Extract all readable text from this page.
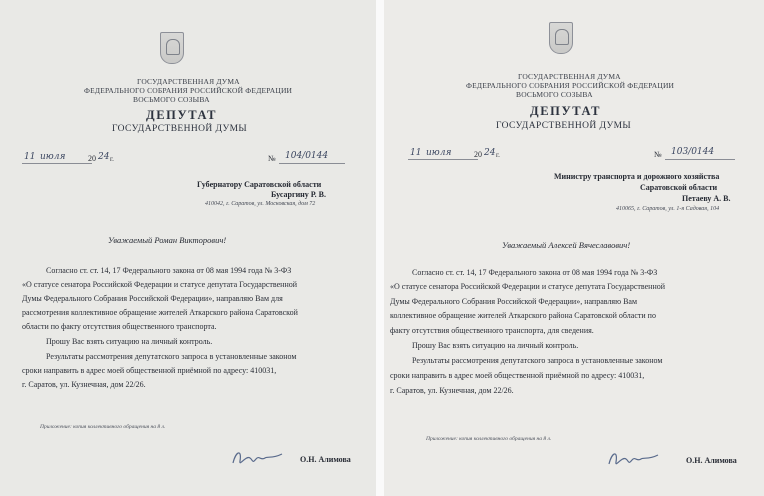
ГОСУДАРСТВЕННАЯ ДУМА
ФЕДЕРАЛЬНОГО СОБРАНИЯ РОССИЙСКОЙ ФЕДЕРАЦИИ
ВОСЬМОГО СОЗЫВА
ДЕПУТАТ
ГОСУДАРСТВЕННОЙ ДУМЫ
11 июля	20 24 г.	№ 104/0144
Губернатору Саратовской области
Бусаргину Р. В.
410042, г. Саратов, ул. Московская, дом 72
Уважаемый Роман Викторович!
Согласно ст. ст. 14, 17 Федерального закона от 08 мая 1994 года № 3-ФЗ
«О статусе сенатора Российской Федерации и статусе депутата Государственной
Думы Федерального Собрания Российской Федерации», направляю Вам для
рассмотрения коллективное обращение жителей Аткарского района Саратовской
области по факту отсутствия общественного транспорта.
Прошу Вас взять ситуацию на личный контроль.
Результаты рассмотрения депутатского запроса в установленные законом
сроки направить в адрес моей общественной приёмной по адресу: 410031,
г. Саратов, ул. Кузнечная, дом 22/26.
Приложение: копия коллективного обращения на 8 л.
О.Н. Алимова
ГОСУДАРСТВЕННАЯ ДУМА
ФЕДЕРАЛЬНОГО СОБРАНИЯ РОССИЙСКОЙ ФЕДЕРАЦИИ
ВОСЬМОГО СОЗЫВА
ДЕПУТАТ
ГОСУДАРСТВЕННОЙ ДУМЫ
11 июля	20 24 г.	№ 103/0144
Министру транспорта и дорожного хозяйства
Саратовской области
Петаеву А. В.
410065, г. Саратов, ул. 1-я Садовая, 104
Уважаемый Алексей Вячеславович!
Согласно ст. ст. 14, 17 Федерального закона от 08 мая 1994 года № 3-ФЗ
«О статусе сенатора Российской Федерации и статусе депутата Государственной
Думы Федерального Собрания Российской Федерации», направляю Вам
коллективное обращение жителей Аткарского района Саратовской области по
факту отсутствия общественного транспорта, для сведения.
Прошу Вас взять ситуацию на личный контроль.
Результаты рассмотрения депутатского запроса в установленные законом
сроки направить в адрес моей общественной приёмной по адресу: 410031,
г. Саратов, ул. Кузнечная, дом 22/26.
Приложение: копия коллективного обращения на 8 л.
О.Н. Алимова
